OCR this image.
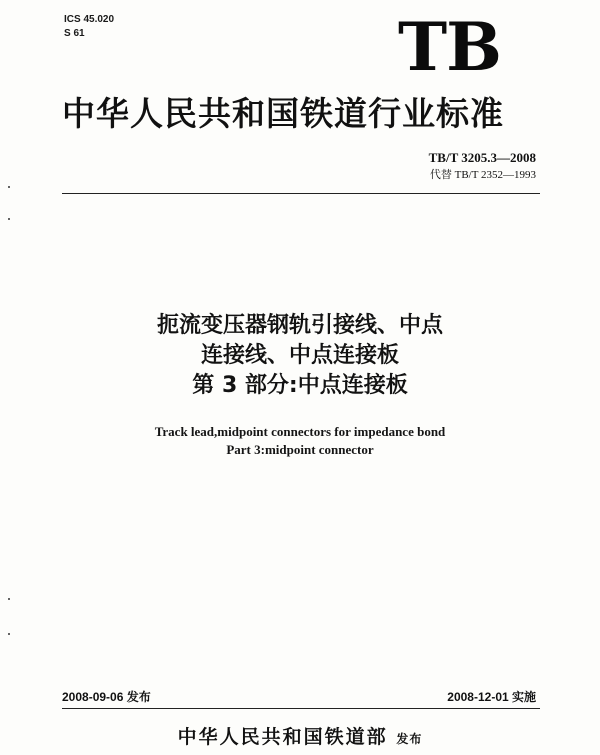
ICS 45.020
S 61	TB
中华人民共和国铁道行业标准
TB/T 3205.3—2008
代替 TB/T 2352—1993
扼流变压器钢轨引接线、中点
连接线、中点连接板
第 3 部分:中点连接板
Track lead,midpoint connectors for impedance bond
Part 3:midpoint connector
2008-09-06 发布	2008-12-01 实施
中华人民共和国铁道部 发布
